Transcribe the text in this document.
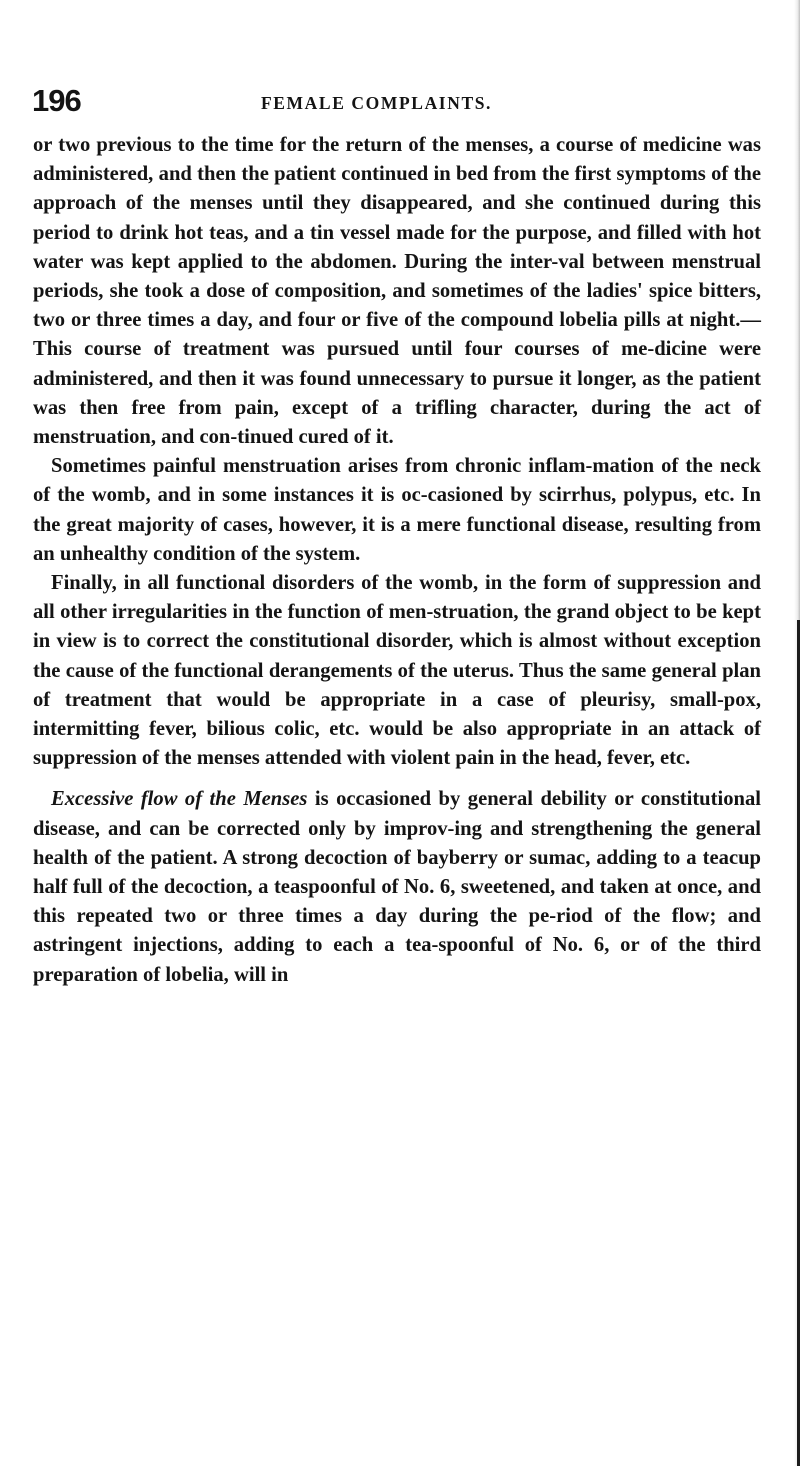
196	FEMALE COMPLAINTS.

or two previous to the time for the return of the menses, a course of medicine was administered, and then the patient continued in bed from the first symptoms of the approach of the menses until they disappeared, and she continued during this period to drink hot teas, and a tin vessel made for the purpose, and filled with hot water was kept applied to the abdomen. During the inter-val between menstrual periods, she took a dose of composition, and sometimes of the ladies' spice bitters, two or three times a day, and four or five of the compound lobelia pills at night.— This course of treatment was pursued until four courses of me-dicine were administered, and then it was found unnecessary to pursue it longer, as the patient was then free from pain, except of a trifling character, during the act of menstruation, and con-tinued cured of it.

Sometimes painful menstruation arises from chronic inflam-mation of the neck of the womb, and in some instances it is oc-casioned by scirrhus, polypus, etc. In the great majority of cases, however, it is a mere functional disease, resulting from an unhealthy condition of the system.

Finally, in all functional disorders of the womb, in the form of suppression and all other irregularities in the function of men-struation, the grand object to be kept in view is to correct the constitutional disorder, which is almost without exception the cause of the functional derangements of the uterus. Thus the same general plan of treatment that would be appropriate in a case of pleurisy, small-pox, intermitting fever, bilious colic, etc. would be also appropriate in an attack of suppression of the menses attended with violent pain in the head, fever, etc.

Excessive flow of the Menses is occasioned by general debility or constitutional disease, and can be corrected only by improv-ing and strengthening the general health of the patient. A strong decoction of bayberry or sumac, adding to a teacup half full of the decoction, a teaspoonful of No. 6, sweetened, and taken at once, and this repeated two or three times a day during the pe-riod of the flow; and astringent injections, adding to each a tea-spoonful of No. 6, or of the third preparation of lobelia, will in
